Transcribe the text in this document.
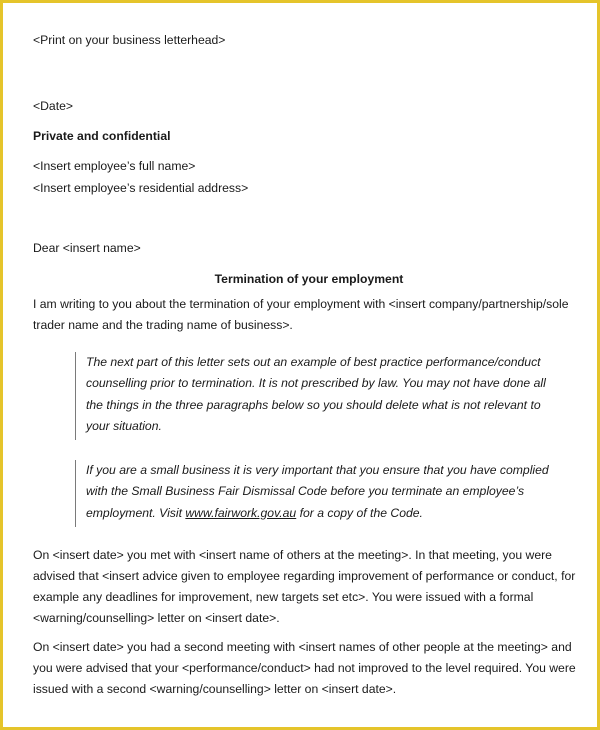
<Print on your business letterhead>
<Date>
Private and confidential
<Insert employee’s full name>
<Insert employee’s residential address>
Dear <insert name>
Termination of your employment
I am writing to you about the termination of your employment with <insert company/partnership/sole
trader name and the trading name of business>.
The next part of this letter sets out an example of best practice performance/conduct
counselling prior to termination. It is not prescribed by law. You may not have done all
the things in the three paragraphs below so you should delete what is not relevant to
your situation.
If you are a small business it is very important that you ensure that you have complied
with the Small Business Fair Dismissal Code before you terminate an employee’s
employment. Visit www.fairwork.gov.au for a copy of the Code.
On <insert date> you met with <insert name of others at the meeting>. In that meeting, you were
advised that <insert advice given to employee regarding improvement of performance or conduct, for
example any deadlines for improvement, new targets set etc>. You were issued with a formal
<warning/counselling> letter on <insert date>.
On <insert date> you had a second meeting with <insert names of other people at the meeting> and
you were advised that your <performance/conduct> had not improved to the level required. You were
issued with a second <warning/counselling> letter on <insert date>.
